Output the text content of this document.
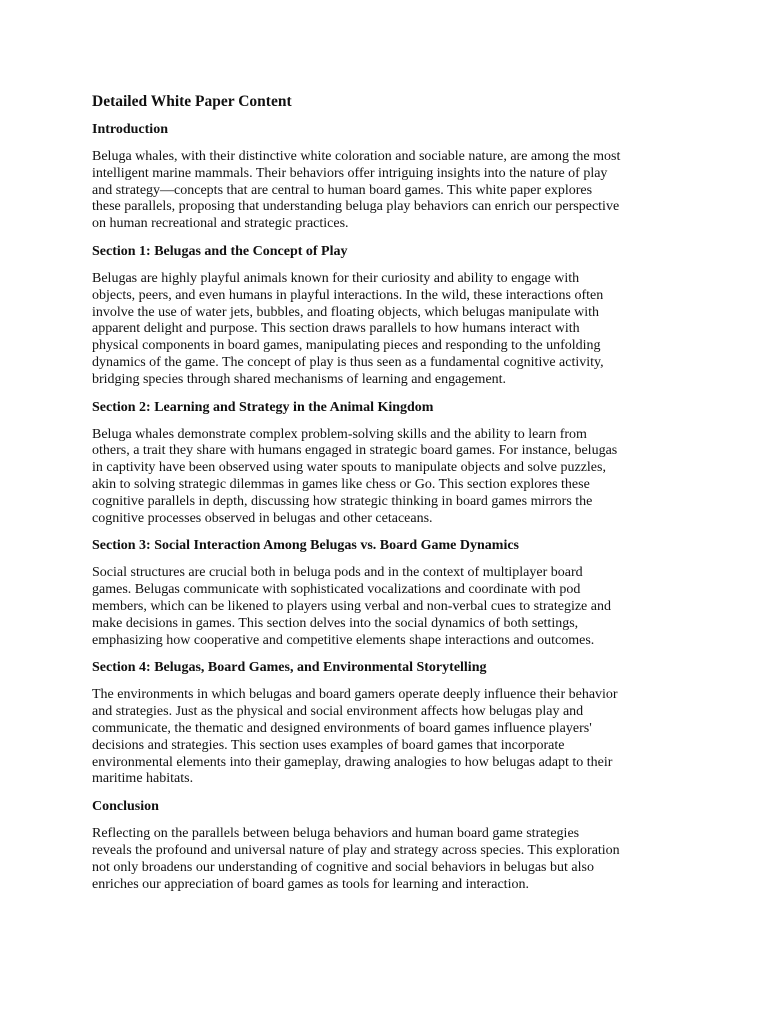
Detailed White Paper Content
Introduction
Beluga whales, with their distinctive white coloration and sociable nature, are among the most
intelligent marine mammals. Their behaviors offer intriguing insights into the nature of play
and strategy—concepts that are central to human board games. This white paper explores
these parallels, proposing that understanding beluga play behaviors can enrich our perspective
on human recreational and strategic practices.
Section 1: Belugas and the Concept of Play
Belugas are highly playful animals known for their curiosity and ability to engage with
objects, peers, and even humans in playful interactions. In the wild, these interactions often
involve the use of water jets, bubbles, and floating objects, which belugas manipulate with
apparent delight and purpose. This section draws parallels to how humans interact with
physical components in board games, manipulating pieces and responding to the unfolding
dynamics of the game. The concept of play is thus seen as a fundamental cognitive activity,
bridging species through shared mechanisms of learning and engagement.
Section 2: Learning and Strategy in the Animal Kingdom
Beluga whales demonstrate complex problem-solving skills and the ability to learn from
others, a trait they share with humans engaged in strategic board games. For instance, belugas
in captivity have been observed using water spouts to manipulate objects and solve puzzles,
akin to solving strategic dilemmas in games like chess or Go. This section explores these
cognitive parallels in depth, discussing how strategic thinking in board games mirrors the
cognitive processes observed in belugas and other cetaceans.
Section 3: Social Interaction Among Belugas vs. Board Game Dynamics
Social structures are crucial both in beluga pods and in the context of multiplayer board
games. Belugas communicate with sophisticated vocalizations and coordinate with pod
members, which can be likened to players using verbal and non-verbal cues to strategize and
make decisions in games. This section delves into the social dynamics of both settings,
emphasizing how cooperative and competitive elements shape interactions and outcomes.
Section 4: Belugas, Board Games, and Environmental Storytelling
The environments in which belugas and board gamers operate deeply influence their behavior
and strategies. Just as the physical and social environment affects how belugas play and
communicate, the thematic and designed environments of board games influence players'
decisions and strategies. This section uses examples of board games that incorporate
environmental elements into their gameplay, drawing analogies to how belugas adapt to their
maritime habitats.
Conclusion
Reflecting on the parallels between beluga behaviors and human board game strategies
reveals the profound and universal nature of play and strategy across species. This exploration
not only broadens our understanding of cognitive and social behaviors in belugas but also
enriches our appreciation of board games as tools for learning and interaction.
